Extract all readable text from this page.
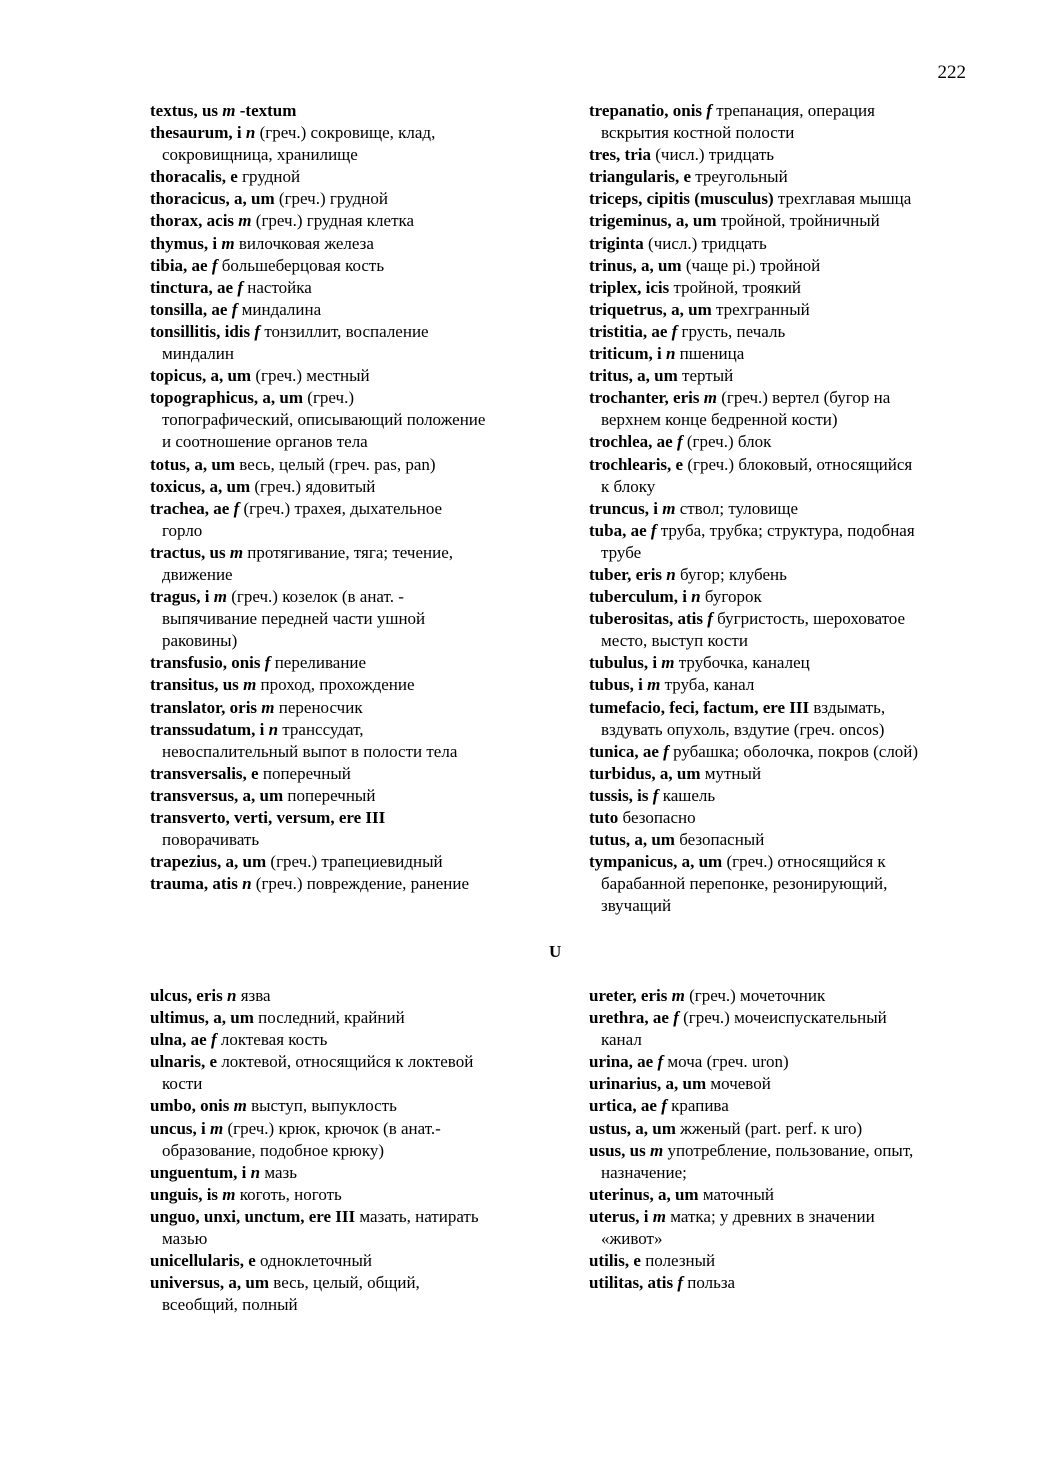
222
textus, us m -textum
thesaurum, i n (греч.) сокровище, клад,
сокровищница, хранилище
thoracalis, e грудной
thoracicus, a, um (греч.) грудной
thorax, acis m (греч.) грудная клетка
thymus, i m вилочковая железа
tibia, ae f большеберцовая кость
tinctura, ae f настойка
tonsilla, ae f миндалина
tonsillitis, idis f тонзиллит, воспаление
миндалин
topicus, a, um (греч.) местный
topographicus, a, um (греч.)
топографический, описывающий положение
и соотношение органов тела
totus, a, um весь, целый (греч. pas, pan)
toxicus, a, um (греч.) ядовитый
trachea, ae f (греч.) трахея, дыхательное
горло
tractus, us m протягивание, тяга; течение,
движение
tragus, i m (греч.) козелок (в анат. -
выпячивание передней части ушной
раковины)
transfusio, onis f переливание
transitus, us m проход, прохождение
translator, oris m переносчик
transsudatum, i n транссудат,
невоспалительный выпот в полости тела
transversalis, e поперечный
transversus, a, um поперечный
transverto, verti, versum, ere III
поворачивать
trapezius, a, um (греч.) трапециевидный
trauma, atis n (греч.) повреждение, ранение
trepanatio, onis f трепанация, операция
вскрытия костной полости
tres, tria (числ.) тридцать
triangularis, e треугольный
triceps, cipitis (musculus) трехглавая мышца
trigeminus, a, um тройной, тройничный
triginta (числ.) тридцать
trinus, a, um (чаще pi.) тройной
triplex, icis тройной, троякий
triquetrus, a, um трехгранный
tristitia, ae f грусть, печаль
triticum, i n пшеница
tritus, a, um тертый
trochanter, eris m (греч.) вертел (бугор на
верхнем конце бедренной кости)
trochlea, ae f (греч.) блок
trochlearis, e (греч.) блоковый, относящийся
к блоку
truncus, i m ствол; туловище
tuba, ae f труба, трубка; структура, подобная
трубе
tuber, eris n бугор; клубень
tuberculum, i n бугорок
tuberositas, atis f бугристость, шероховатое
место, выступ кости
tubulus, i m трубочка, каналец
tubus, i m труба, канал
tumefacio, feci, factum, ere III вздымать,
вздувать опухоль, вздутие (греч. oncos)
tunica, ae f рубашка; оболочка, покров (слой)
turbidus, a, um мутный
tussis, is f кашель
tuto безопасно
tutus, a, um безопасный
tympanicus, a, um (греч.) относящийся к
барабанной перепонке, резонирующий,
звучащий
U
ulcus, eris n язва
ultimus, a, um последний, крайний
ulna, ae f локтевая кость
ulnaris, e локтевой, относящийся к локтевой
кости
umbo, onis m выступ, выпуклость
uncus, i m (греч.) крюк, крючок (в анат.-
образование, подобное крюку)
unguentum, i n мазь
unguis, is m коготь, ноготь
unguo, unxi, unctum, ere III мазать, натирать
мазью
unicellularis, e одноклеточный
universus, a, um весь, целый, общий,
всеобщий, полный
ureter, eris m (греч.) мочеточник
urethra, ae f (греч.) мочеиспускательный
канал
urina, ae f моча (греч. uron)
urinarius, a, um мочевой
urtica, ae f крапива
ustus, a, um жженый (part. perf. к uro)
usus, us m употребление, пользование, опыт,
назначение;
uterinus, a, um маточный
uterus, i m матка; у древних в значении
«живот»
utilis, e полезный
utilitas, atis f польза
